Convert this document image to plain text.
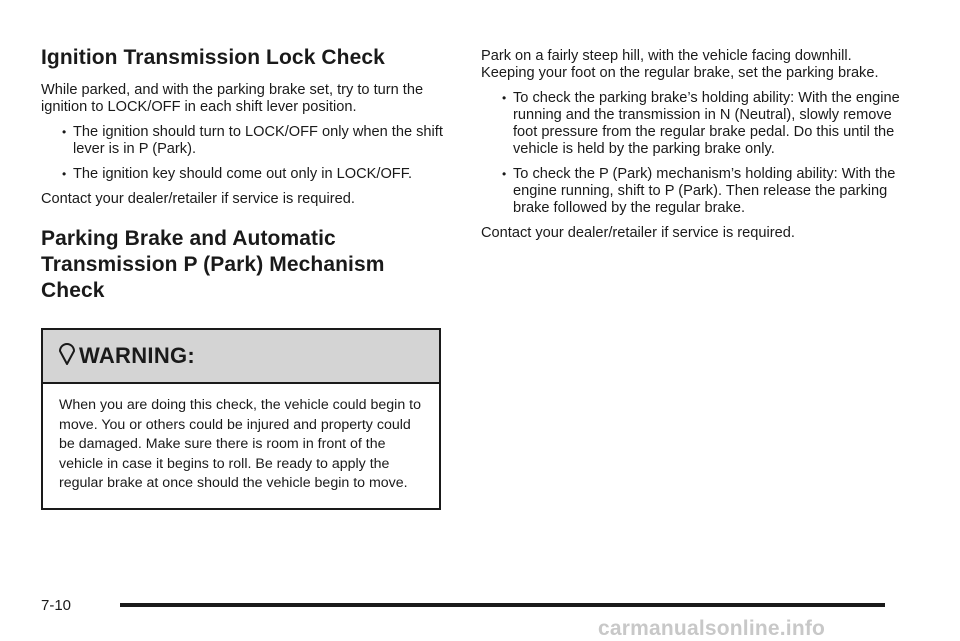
Ignition Transmission Lock Check

While parked, and with the parking brake set, try to turn the ignition to LOCK/OFF in each shift lever position.

• The ignition should turn to LOCK/OFF only when the shift lever is in P (Park).
• The ignition key should come out only in LOCK/OFF.

Contact your dealer/retailer if service is required.

Parking Brake and Automatic Transmission P (Park) Mechanism Check
WARNING:
When you are doing this check, the vehicle could begin to move. You or others could be injured and property could be damaged. Make sure there is room in front of the vehicle in case it begins to roll. Be ready to apply the regular brake at once should the vehicle begin to move.

Park on a fairly steep hill, with the vehicle facing downhill. Keeping your foot on the regular brake, set the parking brake.

• To check the parking brake’s holding ability: With the engine running and the transmission in N (Neutral), slowly remove foot pressure from the regular brake pedal. Do this until the vehicle is held by the parking brake only.
• To check the P (Park) mechanism’s holding ability: With the engine running, shift to P (Park). Then release the parking brake followed by the regular brake.

Contact your dealer/retailer if service is required.

7-10
carmanualsonline.info
